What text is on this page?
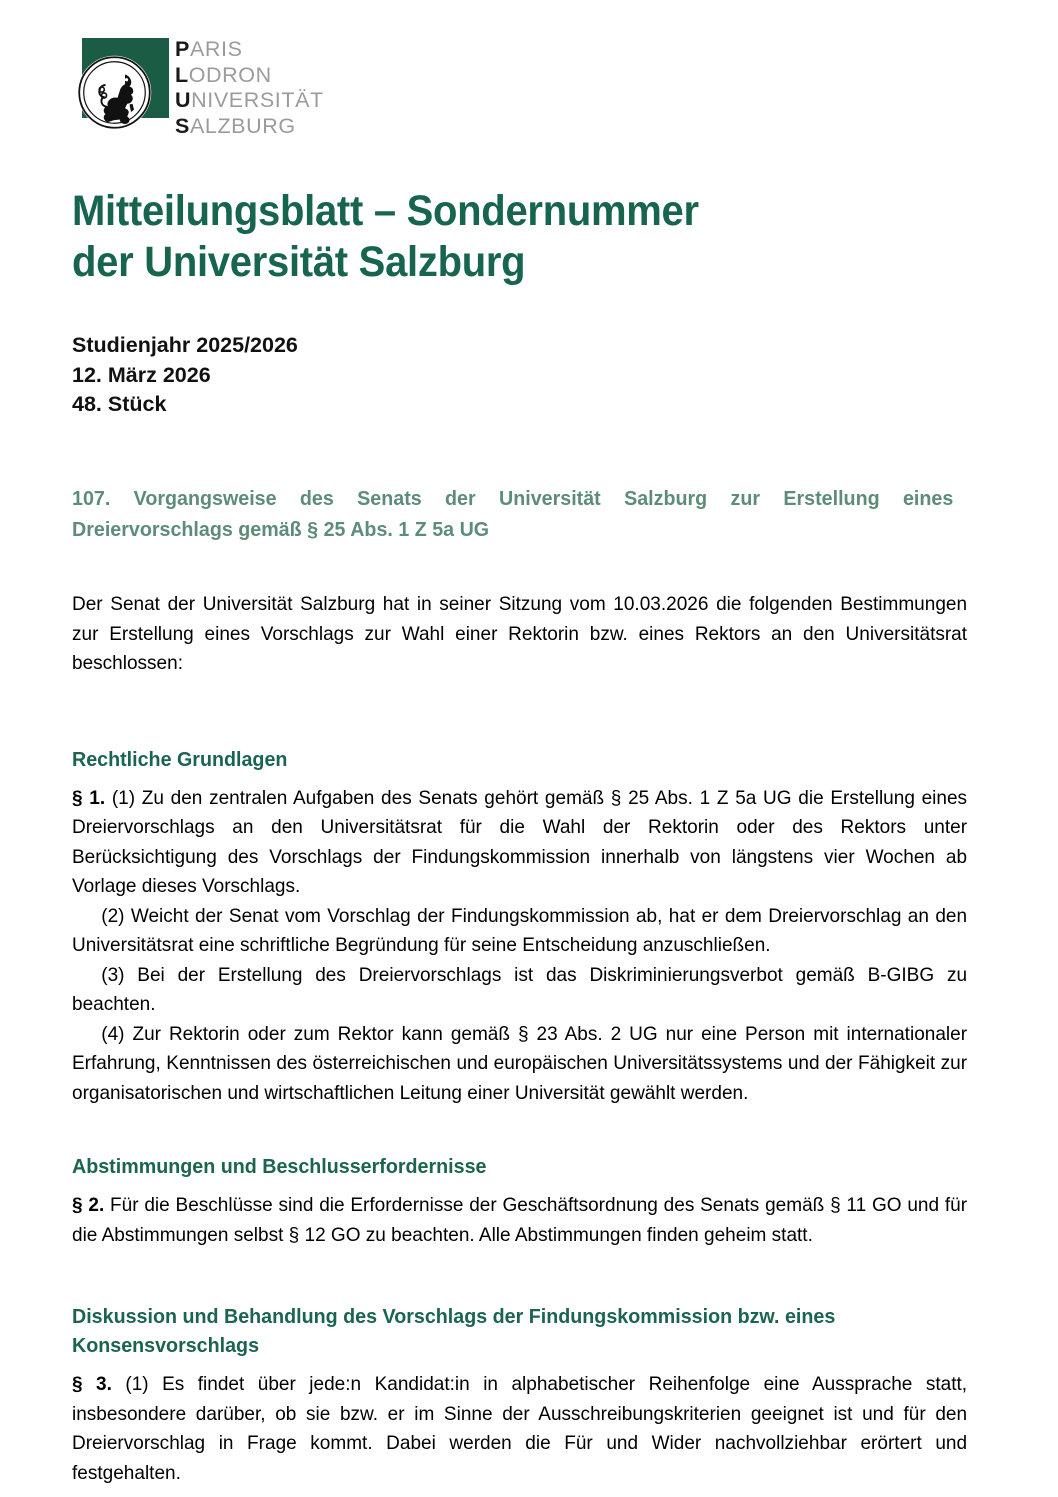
PARIS
LODRON
UNIVERSITÄT
SALZBURG
Mitteilungsblatt – Sondernummer
der Universität Salzburg
Studienjahr 2025/2026
12. März 2026
48. Stück
107. Vorgangsweise des Senats der Universität Salzburg zur Erstellung eines
Dreiervorschlags gemäß § 25 Abs. 1 Z 5a UG

Der Senat der Universität Salzburg hat in seiner Sitzung vom 10.03.2026 die folgenden Bestimmungen zur Erstellung eines Vorschlags zur Wahl einer Rektorin bzw. eines Rektors an den Universitätsrat beschlossen:

Rechtliche Grundlagen

§ 1. (1) Zu den zentralen Aufgaben des Senats gehört gemäß § 25 Abs. 1 Z 5a UG die Erstellung eines Dreiervorschlags an den Universitätsrat für die Wahl der Rektorin oder des Rektors unter Berücksichtigung des Vorschlags der Findungskommission innerhalb von längstens vier Wochen ab Vorlage dieses Vorschlags.

(2) Weicht der Senat vom Vorschlag der Findungskommission ab, hat er dem Dreiervorschlag an den Universitätsrat eine schriftliche Begründung für seine Entscheidung anzuschließen.

(3) Bei der Erstellung des Dreiervorschlags ist das Diskriminierungsverbot gemäß B-GIBG zu beachten.

(4) Zur Rektorin oder zum Rektor kann gemäß § 23 Abs. 2 UG nur eine Person mit internationaler Erfahrung, Kenntnissen des österreichischen und europäischen Universitätssystems und der Fähigkeit zur organisatorischen und wirtschaftlichen Leitung einer Universität gewählt werden.

Abstimmungen und Beschlusserfordernisse

§ 2. Für die Beschlüsse sind die Erfordernisse der Geschäftsordnung des Senats gemäß § 11 GO und für die Abstimmungen selbst § 12 GO zu beachten. Alle Abstimmungen finden geheim statt.

Diskussion und Behandlung des Vorschlags der Findungskommission bzw. eines
Konsensvorschlags

§ 3. (1) Es findet über jede:n Kandidat:in in alphabetischer Reihenfolge eine Aussprache statt, insbesondere darüber, ob sie bzw. er im Sinne der Ausschreibungskriterien geeignet ist und für den Dreiervorschlag in Frage kommt. Dabei werden die Für und Wider nachvollziehbar erörtert und festgehalten.
